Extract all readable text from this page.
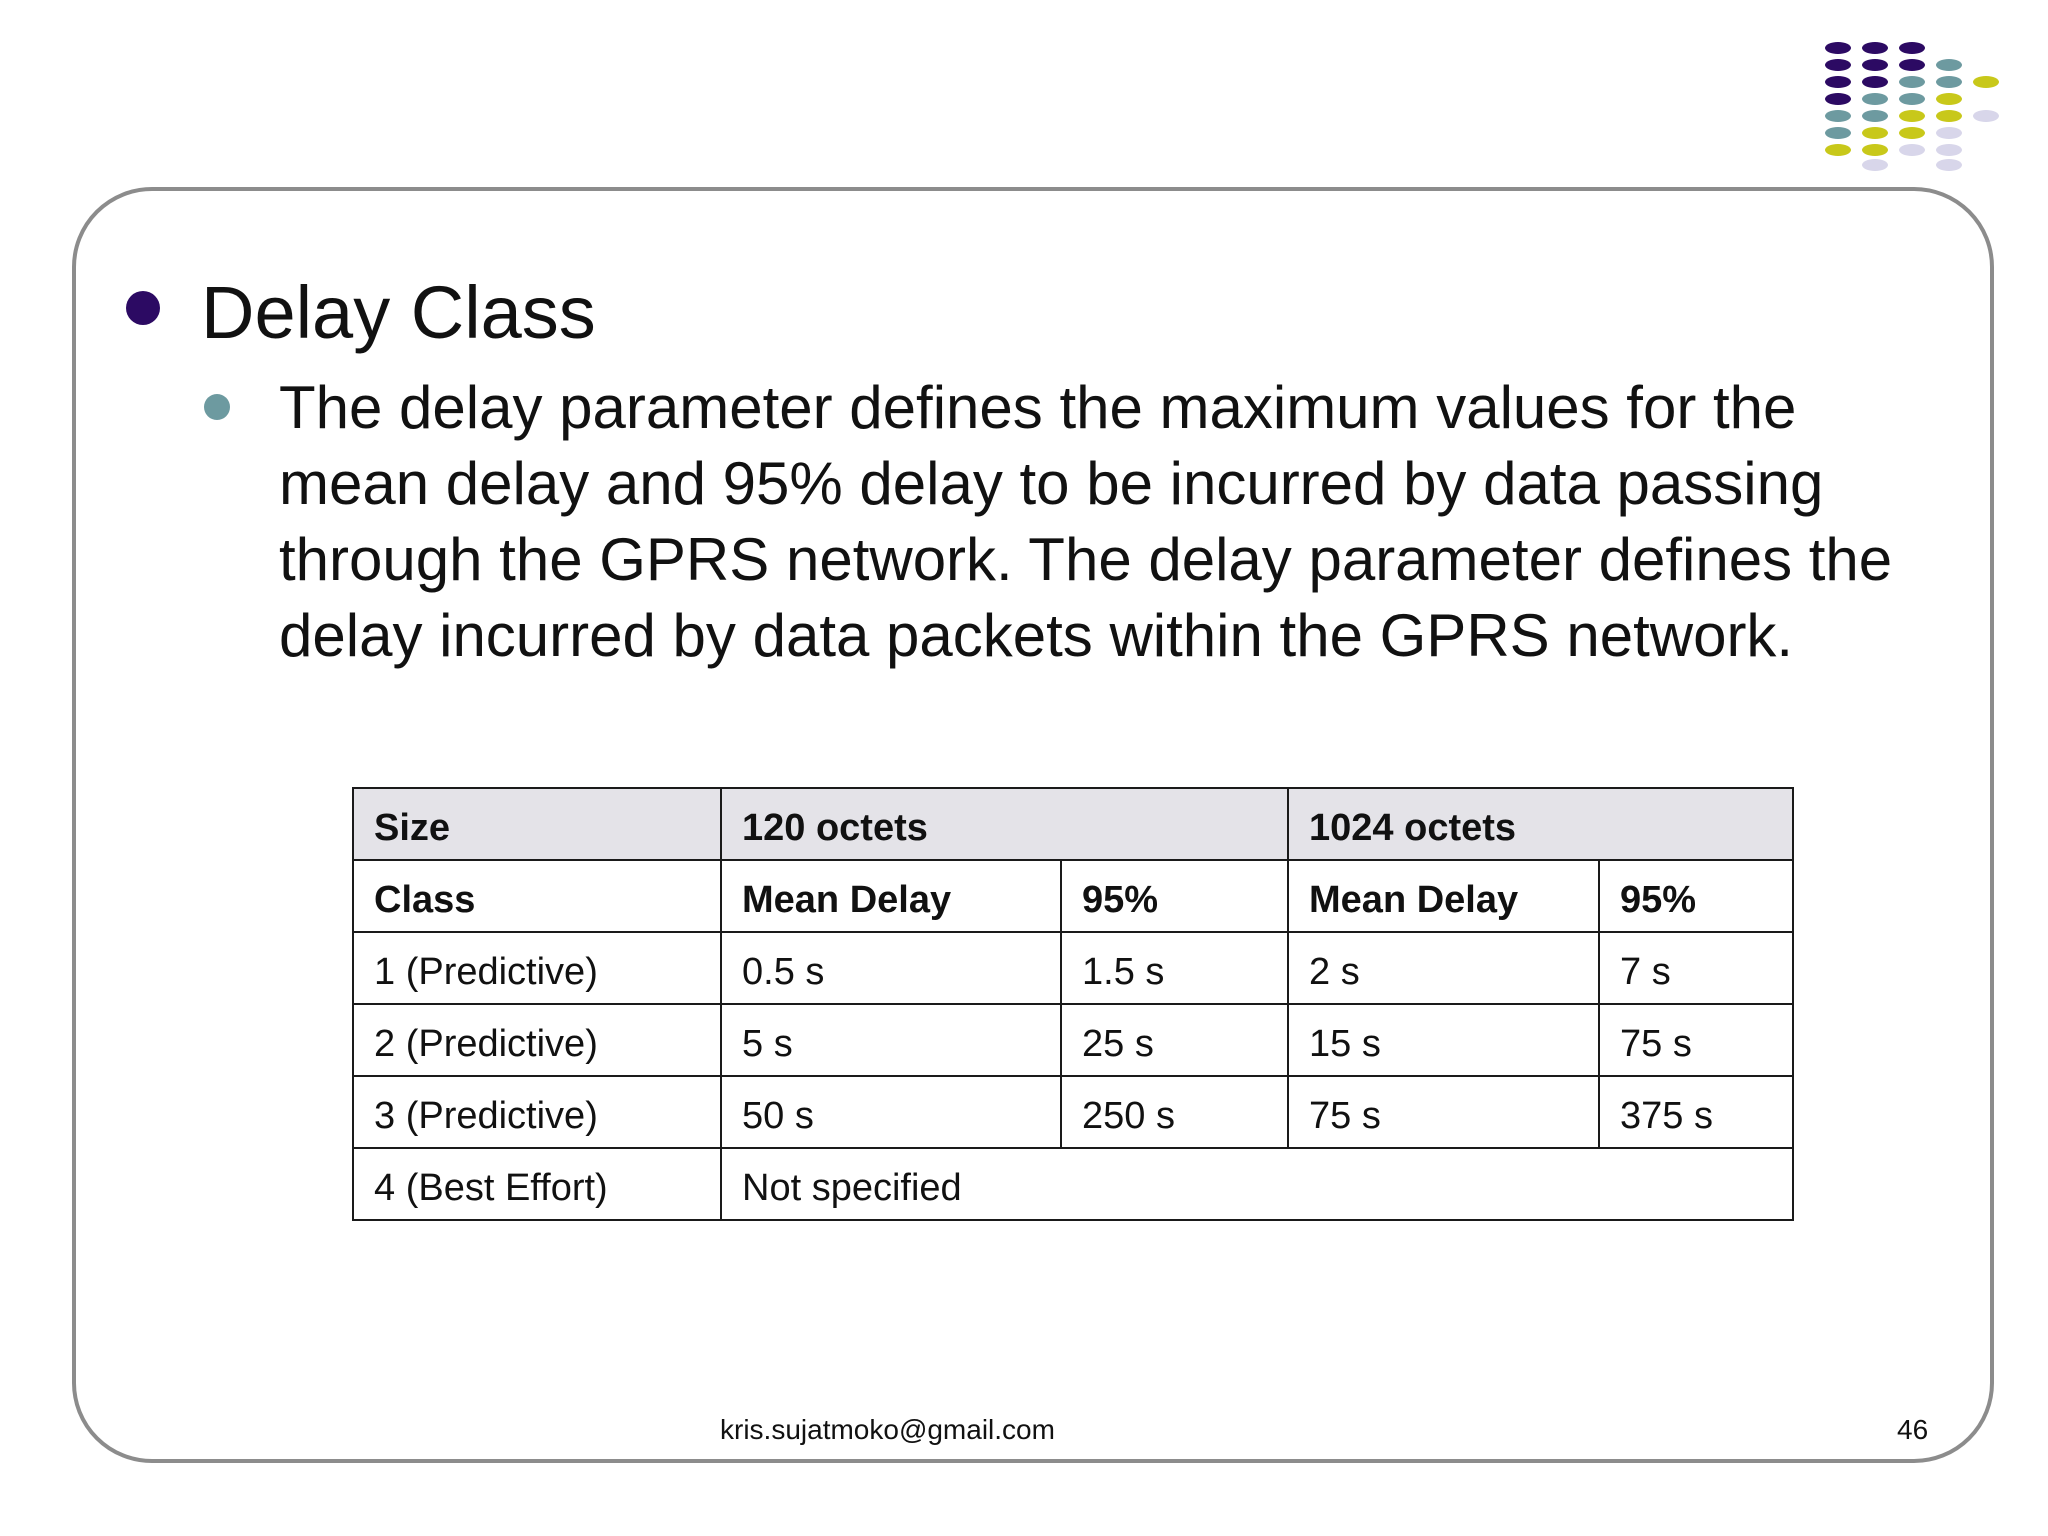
Delay Class

The delay parameter defines the maximum values for the mean delay and 95% delay to be incurred by data passing through the GPRS network. The delay parameter defines the delay incurred by data packets within the GPRS network.

Size	120 octets		1024 octets	
Class	Mean Delay	95%	Mean Delay	95%
1 (Predictive)	0.5 s	1.5 s	2 s	7 s
2 (Predictive)	5 s	25 s	15 s	75 s
3 (Predictive)	50 s	250 s	75 s	375 s
4 (Best Effort)	Not specified			
kris.sujatmoko@gmail.com	46
